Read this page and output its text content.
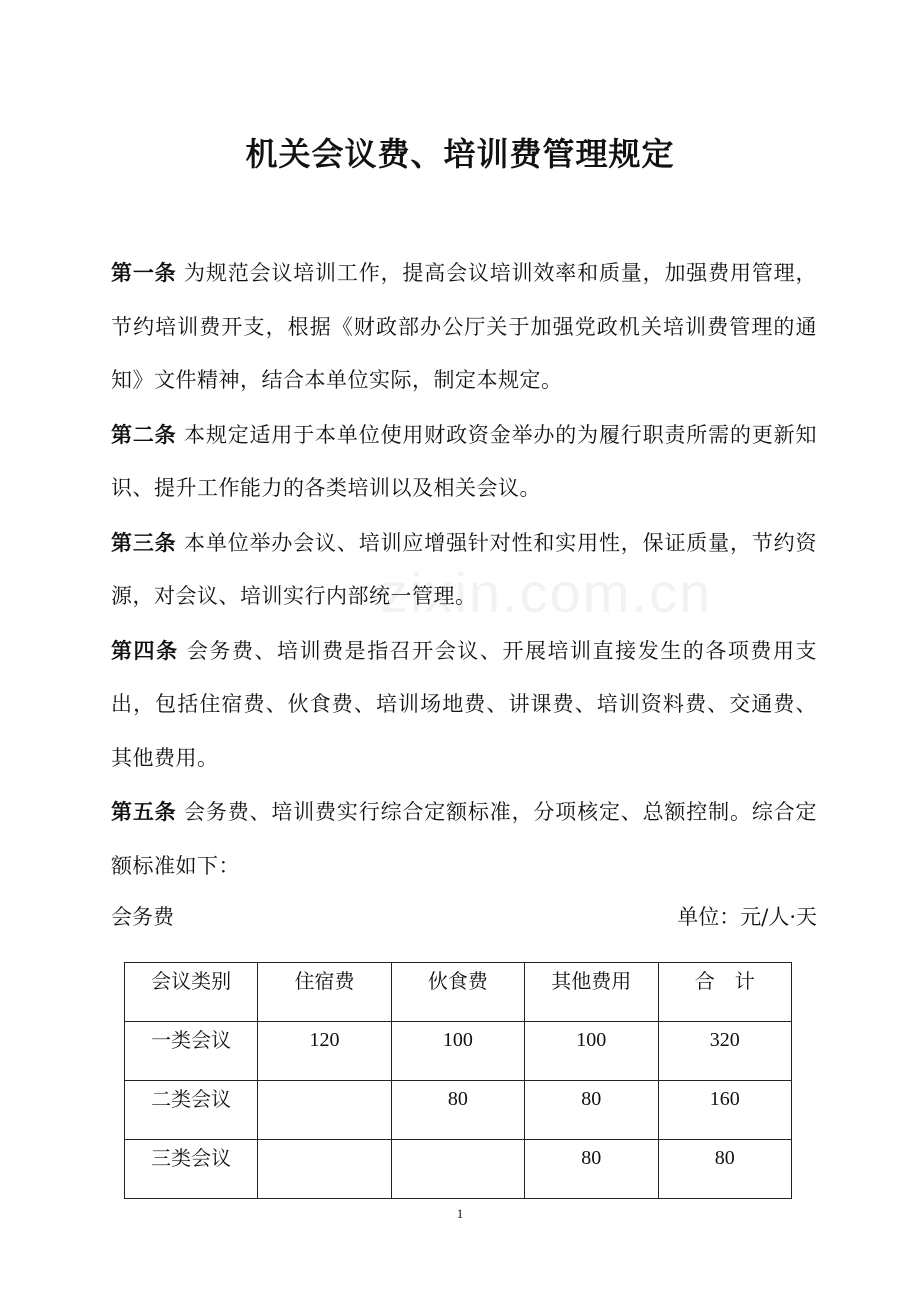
zixin.com.cn
机关会议费、培训费管理规定

第一条 为规范会议培训工作，提高会议培训效率和质量，加强费用管理，节约培训费开支，根据《财政部办公厅关于加强党政机关培训费管理的通知》文件精神，结合本单位实际，制定本规定。

第二条 本规定适用于本单位使用财政资金举办的为履行职责所需的更新知识、提升工作能力的各类培训以及相关会议。

第三条 本单位举办会议、培训应增强针对性和实用性，保证质量，节约资源，对会议、培训实行内部统一管理。

第四条 会务费、培训费是指召开会议、开展培训直接发生的各项费用支出，包括住宿费、伙食费、培训场地费、讲课费、培训资料费、交通费、其他费用。

第五条 会务费、培训费实行综合定额标准，分项核定、总额控制。综合定额标准如下：

会务费	单位：元/人·天
会议类别	住宿费	伙食费	其他费用	合　计
一类会议	120	100	100	320
二类会议		80	80	160
三类会议			80	80
1
